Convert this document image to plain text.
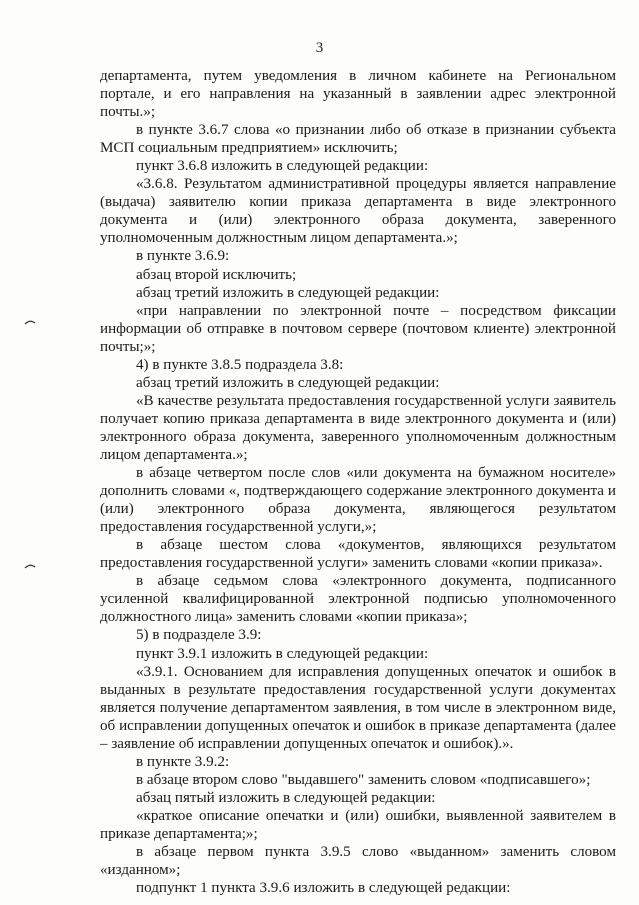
3

департамента, путем уведомления в личном кабинете на Региональном портале, и его направления на указанный в заявлении адрес электронной почты.»;

в пункте 3.6.7 слова «о признании либо об отказе в признании субъекта МСП социальным предприятием» исключить;

пункт 3.6.8 изложить в следующей редакции:

«3.6.8. Результатом административной процедуры является направление (выдача) заявителю копии приказа департамента в виде электронного документа и (или) электронного образа документа, заверенного уполномоченным должностным лицом департамента.»;

в пункте 3.6.9:

абзац второй исключить;

абзац третий изложить в следующей редакции:

«при направлении по электронной почте – посредством фиксации информации об отправке в почтовом сервере (почтовом клиенте) электронной почты;»;

4) в пункте 3.8.5 подраздела 3.8:

абзац третий изложить в следующей редакции:

«В качестве результата предоставления государственной услуги заявитель получает копию приказа департамента в виде электронного документа и (или) электронного образа документа, заверенного уполномоченным должностным лицом департамента.»;

в абзаце четвертом после слов «или документа на бумажном носителе» дополнить словами «, подтверждающего содержание электронного документа и (или) электронного образа документа, являющегося результатом предоставления государственной услуги,»;

в абзаце шестом слова «документов, являющихся результатом предоставления государственной услуги» заменить словами «копии приказа».

в абзаце седьмом слова «электронного документа, подписанного усиленной квалифицированной электронной подписью уполномоченного должностного лица» заменить словами «копии приказа»;

5) в подразделе 3.9:

пункт 3.9.1 изложить в следующей редакции:

«3.9.1. Основанием для исправления допущенных опечаток и ошибок в выданных в результате предоставления государственной услуги документах является получение департаментом заявления, в том числе в электронном виде, об исправлении допущенных опечаток и ошибок в приказе департамента (далее – заявление об исправлении допущенных опечаток и ошибок).».

в пункте 3.9.2:

в абзаце втором слово "выдавшего" заменить словом «подписавшего»;

абзац пятый изложить в следующей редакции:

«краткое описание опечатки и (или) ошибки, выявленной заявителем в приказе департамента;»;

в абзаце первом пункта 3.9.5 слово «выданном» заменить словом «изданном»;

подпункт 1 пункта 3.9.6 изложить в следующей редакции:
